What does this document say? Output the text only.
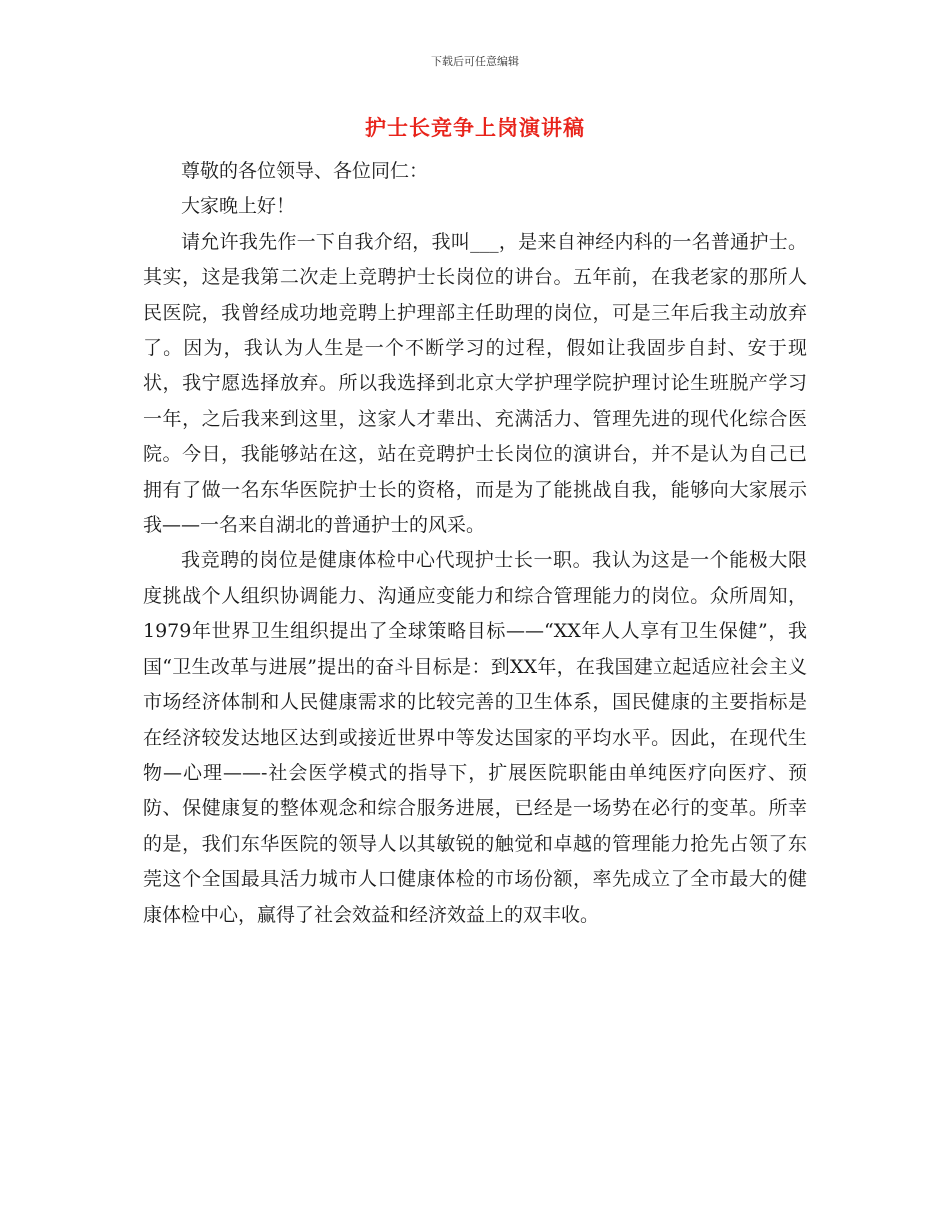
下载后可任意编辑
护士长竞争上岗演讲稿

尊敬的各位领导、各位同仁：

大家晚上好！

请允许我先作一下自我介绍，我叫___，是来自神经内科的一名普通护士。其实，这是我第二次走上竞聘护士长岗位的讲台。五年前，在我老家的那所人民医院，我曾经成功地竞聘上护理部主任助理的岗位，可是三年后我主动放弃了。因为，我认为人生是一个不断学习的过程，假如让我固步自封、安于现状，我宁愿选择放弃。所以我选择到北京大学护理学院护理讨论生班脱产学习一年，之后我来到这里，这家人才辈出、充满活力、管理先进的现代化综合医院。今日，我能够站在这，站在竞聘护士长岗位的演讲台，并不是认为自己已拥有了做一名东华医院护士长的资格，而是为了能挑战自我，能够向大家展示我——一名来自湖北的普通护士的风采。

我竞聘的岗位是健康体检中心代现护士长一职。我认为这是一个能极大限度挑战个人组织协调能力、沟通应变能力和综合管理能力的岗位。众所周知，1979年世界卫生组织提出了全球策略目标——“XX年人人享有卫生保健”，我国“卫生改革与进展”提出的奋斗目标是：到XX年，在我国建立起适应社会主义市场经济体制和人民健康需求的比较完善的卫生体系，国民健康的主要指标是在经济较发达地区达到或接近世界中等发达国家的平均水平。因此，在现代生物—心理——-社会医学模式的指导下，扩展医院职能由单纯医疗向医疗、预防、保健康复的整体观念和综合服务进展，已经是一场势在必行的变革。所幸的是，我们东华医院的领导人以其敏锐的触觉和卓越的管理能力抢先占领了东莞这个全国最具活力城市人口健康体检的市场份额，率先成立了全市最大的健康体检中心，赢得了社会效益和经济效益上的双丰收。
